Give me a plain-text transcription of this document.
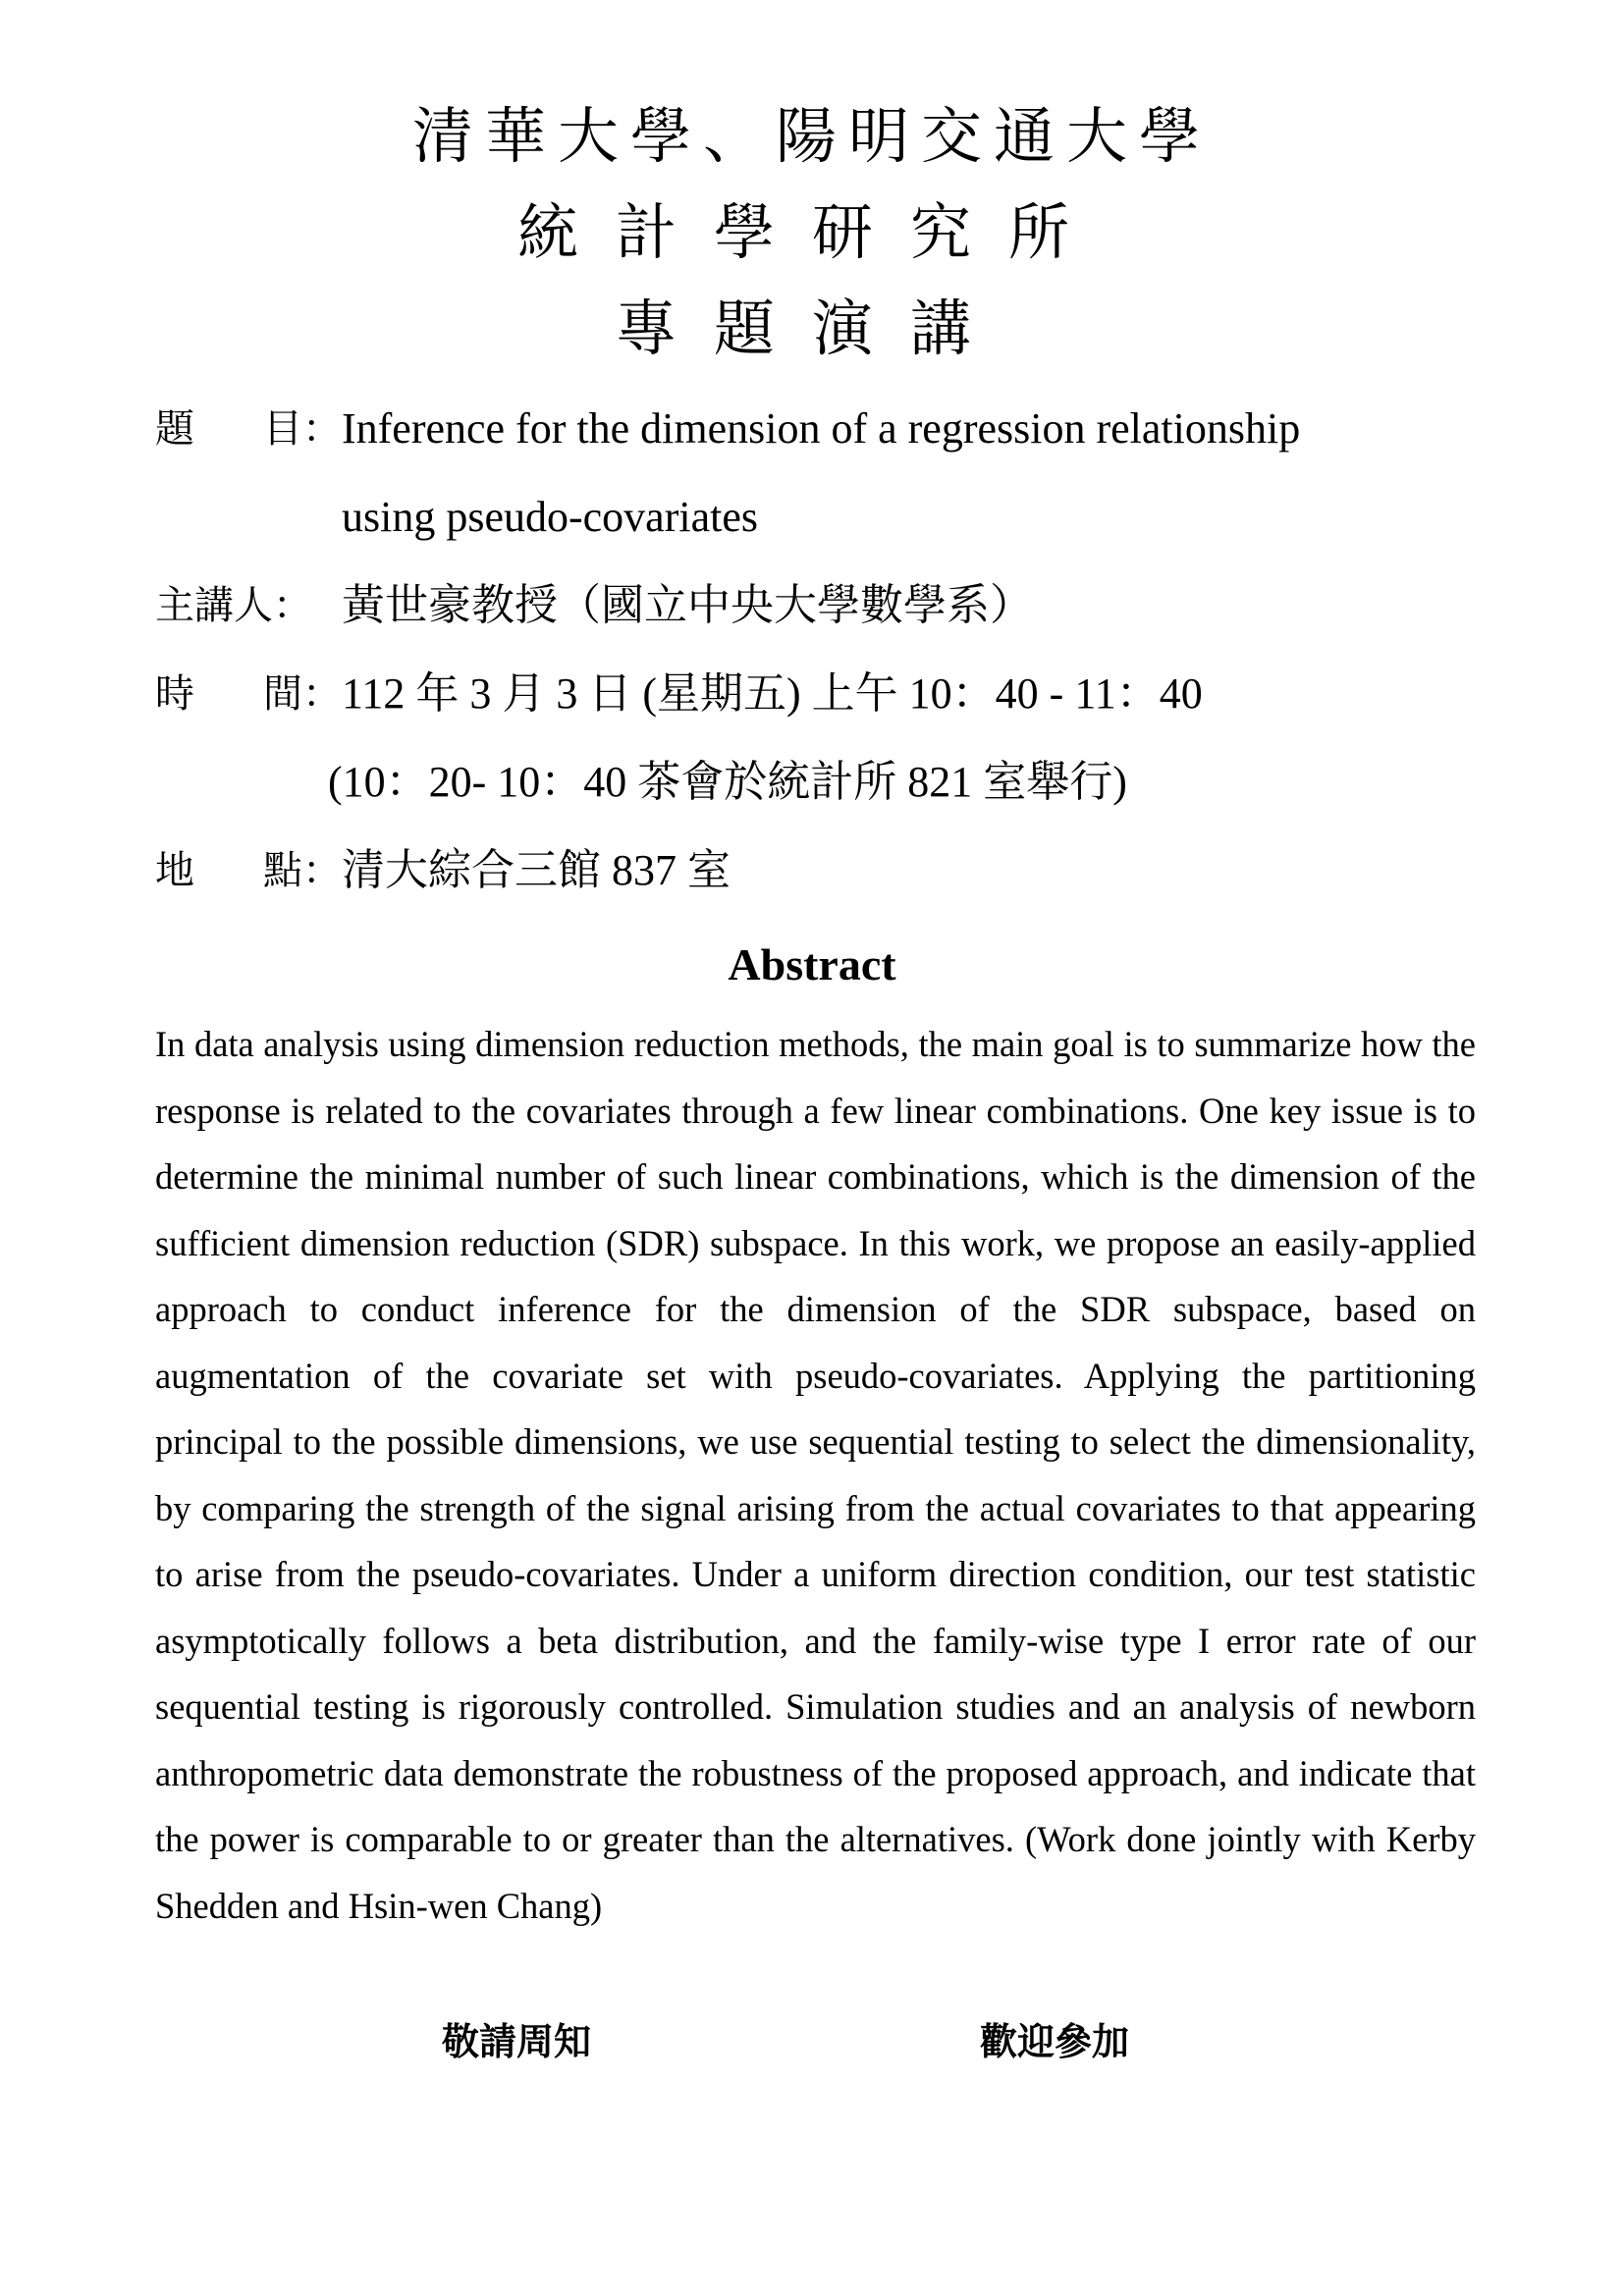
清華大學、陽明交通大學
統計學研究所
專題演講
題 目： Inference for the dimension of a regression relationship
using pseudo-covariates
主講人： 黃世豪教授（國立中央大學數學系）
時 間： 112 年 3 月 3 日 (星期五) 上午 10：40 - 11：40
(10：20- 10：40 茶會於統計所 821 室舉行)
地 點： 清大綜合三館 837 室
Abstract
In data analysis using dimension reduction methods, the main goal is to summarize how the response is related to the covariates through a few linear combinations. One key issue is to determine the minimal number of such linear combinations, which is the dimension of the sufficient dimension reduction (SDR) subspace. In this work, we propose an easily-applied approach to conduct inference for the dimension of the SDR subspace, based on augmentation of the covariate set with pseudo-covariates. Applying the partitioning principal to the possible dimensions, we use sequential testing to select the dimensionality, by comparing the strength of the signal arising from the actual covariates to that appearing to arise from the pseudo-covariates. Under a uniform direction condition, our test statistic asymptotically follows a beta distribution, and the family-wise type I error rate of our sequential testing is rigorously controlled. Simulation studies and an analysis of newborn anthropometric data demonstrate the robustness of the proposed approach, and indicate that the power is comparable to or greater than the alternatives. (Work done jointly with Kerby Shedden and Hsin-wen Chang)
敬請周知	歡迎參加
